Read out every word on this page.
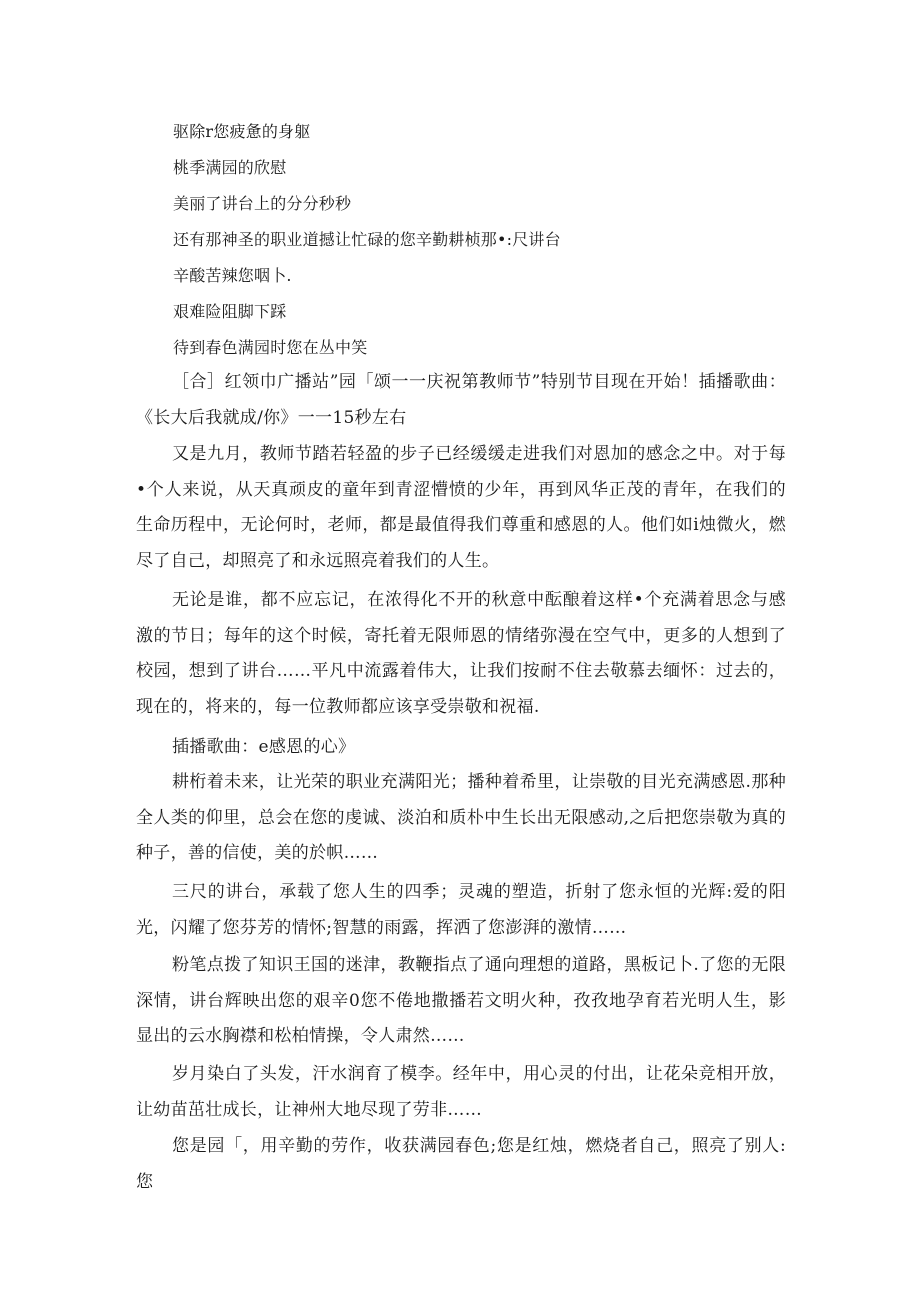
驱除r您疲惫的身躯
桃季满园的欣慰
美丽了讲台上的分分秒秒
还有那神圣的职业道撼让忙碌的您辛勤耕桢那•:尺讲台
辛酸苦辣您咽卜.
艰难险阻脚下踩
待到春色满园时您在丛中笑
［合］红领巾广播站”园「颂一一庆祝第教师节”特别节目现在开始！插播歌曲：《长大后我就成/你》一一15秒左右
又是九月，教师节踏若轻盈的步子已经缓缓走进我们对恩加的感念之中。对于每•个人来说，从天真顽皮的童年到青涩懵愤的少年，再到风华正茂的青年，在我们的生命历程中，无论何时，老师，都是最值得我们尊重和感恩的人。他们如i烛微火，燃尽了自己，却照亮了和永远照亮着我们的人生。
无论是谁，都不应忘记，在浓得化不开的秋意中酝酿着这样•个充满着思念与感激的节日；每年的这个时候，寄托着无限师恩的情绪弥漫在空气中，更多的人想到了校园，想到了讲台……平凡中流露着伟大，让我们按耐不住去敬慕去缅怀：过去的，现在的，将来的，每一位教师都应该享受崇敬和祝福.
插播歌曲：e感恩的心》
耕桁着未来，让光荣的职业充满阳光；播种着希里，让崇敬的目光充满感恩.那种全人类的仰里，总会在您的虔诚、淡泊和质朴中生长出无限感动,之后把您崇敬为真的种子，善的信使，美的於帜……
三尺的讲台，承载了您人生的四季；灵魂的塑造，折射了您永恒的光辉:爱的阳光，闪耀了您芬芳的情怀;智慧的雨露，挥洒了您澎湃的激情……
粉笔点拨了知识王国的迷津，教鞭指点了通向理想的道路，黑板记卜.了您的无限深情，讲台辉映出您的艰辛0您不倦地撒播若文明火种，孜孜地孕育若光明人生，影显出的云水胸襟和松柏情操，令人肃然……
岁月染白了头发，汗水润育了模李。经年中，用心灵的付出，让花朵竞相开放，让幼苗茁壮成长，让神州大地尽现了劳非……
您是园「，用辛勤的劳作，收获满园春色;您是红烛，燃烧者自己，照亮了别人:您
